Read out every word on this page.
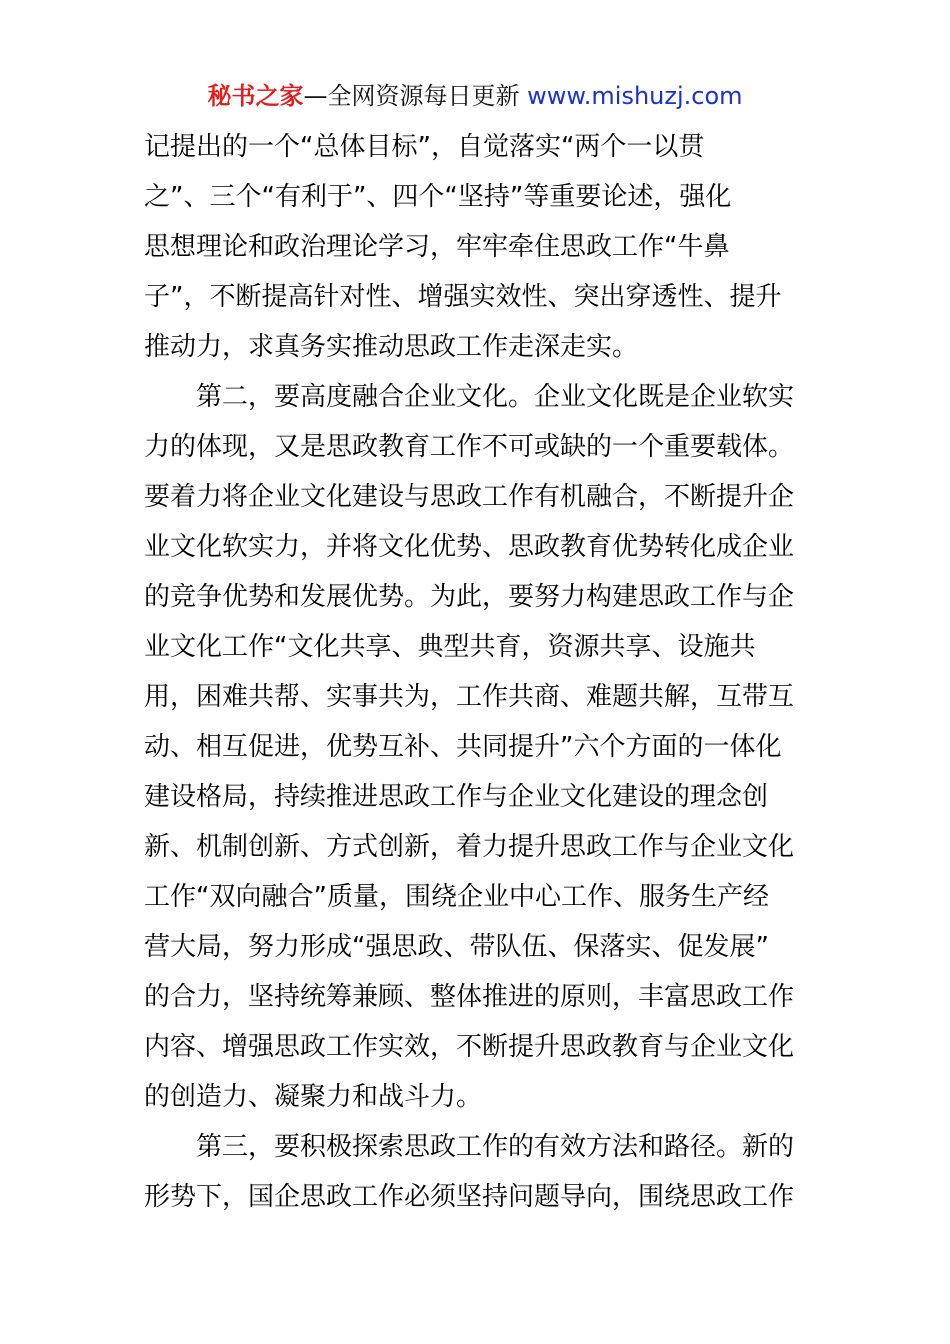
秘书之家—全网资源每日更新 www.mishuzj.com
记提出的一个“总体目标”，自觉落实“两个一以贯
之”、三个“有利于”、四个“坚持”等重要论述，强化
思想理论和政治理论学习，牢牢牵住思政工作“牛鼻
子”，不断提高针对性、增强实效性、突出穿透性、提升
推动力，求真务实推动思政工作走深走实。
　　第二，要高度融合企业文化。企业文化既是企业软实
力的体现，又是思政教育工作不可或缺的一个重要载体。
要着力将企业文化建设与思政工作有机融合，不断提升企
业文化软实力，并将文化优势、思政教育优势转化成企业
的竞争优势和发展优势。为此，要努力构建思政工作与企
业文化工作“文化共享、典型共育，资源共享、设施共
用，困难共帮、实事共为，工作共商、难题共解，互带互
动、相互促进，优势互补、共同提升”六个方面的一体化
建设格局，持续推进思政工作与企业文化建设的理念创
新、机制创新、方式创新，着力提升思政工作与企业文化
工作“双向融合”质量，围绕企业中心工作、服务生产经
营大局，努力形成“强思政、带队伍、保落实、促发展”
的合力，坚持统筹兼顾、整体推进的原则，丰富思政工作
内容、增强思政工作实效，不断提升思政教育与企业文化
的创造力、凝聚力和战斗力。
　　第三，要积极探索思政工作的有效方法和路径。新的
形势下，国企思政工作必须坚持问题导向，围绕思政工作
